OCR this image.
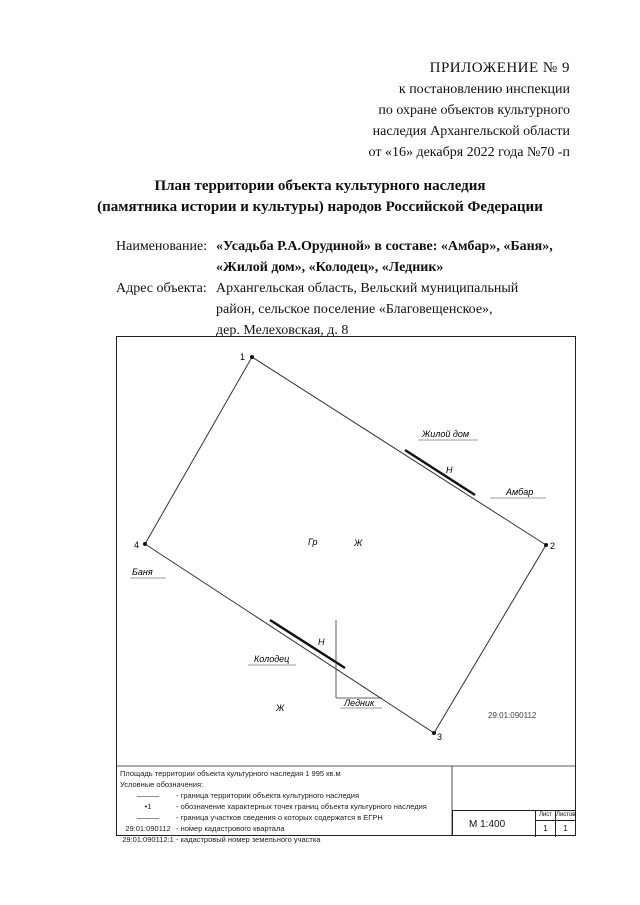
ПРИЛОЖЕНИЕ № 9
к постановлению инспекции
по охране объектов культурного
наследия Архангельской области
от «16» декабря 2022 года №70 -п
План территории объекта культурного наследия
(памятника истории и культуры) народов Российской Федерации
Наименование: «Усадьба Р.А.Орудиной» в составе: «Амбар», «Баня»,
«Жилой дом», «Колодец», «Ледник»
Адрес объекта: Архангельская область, Вельский муниципальный
район, сельское поселение «Благовещенское»,
дер. Мелеховская, д. 8
1
2
3
4
Жилой дом
Амбар
Баня
Колодец
Ледник
Н
Н
Гр	Ж
Ж
29:01:090112
Площадь территории объекта культурного наследия 1 995 кв.м
Условные обозначения:
———	- граница территории объекта культурного наследия
•1	- обозначение характерных точек границ объекта культурного наследия
———	- граница участков сведения о которых содержатся в ЕГРН
29:01:090112 - номер кадастрового квартала
29:01:090112:1 - кадастровый номер земельного участка
М 1:400
Лист
1
Листов
1
